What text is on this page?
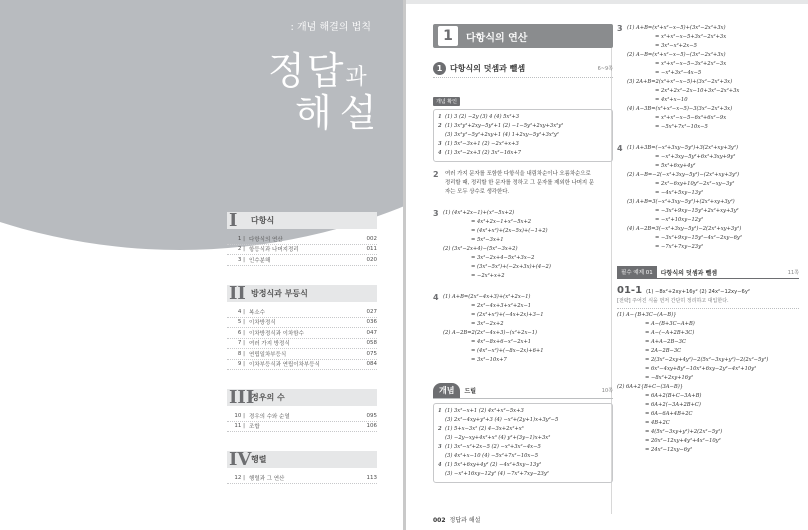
: 개념 해결의 법칙
정답과
해설
I	다항식
1 | 다항식의 연산	002
2 | 항등식과 나머지정리	011
3 | 인수분해	020
II 방정식과 부등식
4 | 복소수	027
5 | 이차방정식	036
6 | 이차방정식과 이차함수	047
7 | 여러 가지 방정식	058
8 | 연립일차부등식	075
9 | 이차부등식과 연립이차부등식	084
III
경우의 수
10 | 경우의 수와 순열	095
11 | 조합	106
IV 행렬
12 | 행렬과 그 연산	113
1	다항식의 연산
1 다항식의 덧셈과 뺄셈	6~9쪽
개념 확인
1 (1) 3 (2) −2y (3) 4 (4) 5x²+3
2 (1) 3x²y²+2xy−5y²+1 (2) −1−5y²+2xy+3x²y²
(3) 3x²y²−5y²+2xy+1 (4) 1+2xy−5y²+3x²y²
3 (1) 5x²−3x+1 (2) −2x²+x+3
4 (1) 3x²−2x+3 (2) 3x²−16x+7
2	여러 가지 문자를 포함한 다항식을 내림차순이나 오름차순으로
정리할 때, 정리할 한 문자를 정하고 그 문자를 제외한 나머지 문
자는 모두 상수로 생각한다.
3 (1) (4x²+2x−1)+(x²−5x+2)
= 4x²+2x−1+x²−5x+2
= (4x²+x²)+(2x−5x)+(−1+2)
= 5x²−3x+1
(2) (3x²−2x+4)−(5x²−3x+2)
= 3x²−2x+4−5x²+3x−2
= (3x²−5x²)+(−2x+3x)+(4−2)
= −2x²+x+2
4 (1) A+B=(2x²−4x+3)+(x²+2x−1)
= 2x²−4x+3+x²+2x−1
= (2x²+x²)+(−4x+2x)+3−1
= 3x²−2x+2
(2) A−2B=2(2x²−4x+3)−(x²+2x−1)
= 4x²−8x+6−x²−2x+1
= (4x²−x²)+(−8x−2x)+6+1
= 3x²−10x+7
개념	드릴	10쪽
1 (1) 3x²−x+1 (2) 4x²+x²−5x+3
(3) 2x²−4xy+y²+3 (4) −x²+(2y+1)x+3y²−5
2 (1) 5+x−3x² (2) 4−3x+2x²+x³
(3) −2y−xy+4x²+x³ (4) y²+(3y−1)x+3x²
3 (1) 3x²−x²+2x−5 (2) −x³+3x²−4x−5
(3) 4x²+x−10 (4) −5x²+7x²−10x−5
4 (1) 5x²+6xy+4y² (2) −4x²+5xy−13y²
(3) −x²+16xy−12y² (4) −7x²+7xy−23y²
3 (1) A+B=(x³+x²−x−5)+(3x²−2x²+3x)
= x³+x²−x−5+3x²−2x²+3x
= 3x³−x²+2x−5
(2) A−B=(x³+x²−x−5)−(3x²−2x²+3x)
= x³+x²−x−5−3x²+2x²−3x
= −x³+3x²−4x−5
(3) 2A+B=2(x³+x²−x−5)+(3x²−2x²+3x)
= 2x³+2x²−2x−10+3x²−2x²+3x
= 4x²+x−10
(4) A−3B=(x³+x²−x−5)−3(3x²−2x²+3x)
= x³+x²−x−5−6x³+6x²−9x
= −5x³+7x²−10x−5
4 (1) A+3B=(−x²+3xy−5y²)+3(2x²+xy+3y²)
= −x²+3xy−5y²+6x²+3xy+9y²
= 5x²+6xy+4y²
(2) A−B=−2(−x²+3xy−5y²)−(2x²+xy+3y²)
= 2x²−6xy+10y²−2x²−xy−3y²
= −4x²+5xy−13y²
(3) A+B=3(−x²+3xy−5y²)+(2x²+xy+3y²)
= −3x²+9xy−15y²+2x²+xy+3y²
= −x²+10xy−12y²
(4) A−2B=3(−x²+3xy−5y²)−2(2x²+xy+3y²)
= −3x²+9xy−15y²−4x²−2xy−6y²
= −7x²+7xy−23y²
필수 예제 01	다항식의 덧셈과 뺄셈	11쪽
01-1 (1) −8x²+2xy+16y² (2) 24x²−12xy−6y²
[전략] 주어진 식을 먼저 간단히 정리하고 대입한다.
(1) A−{B+3C−(A−B)}
= A−(B+3C−A+B)
= A−(−A+2B+3C)
= A+A−2B−3C
= 2A−2B−3C
= 2(3x²−2xy+4y²)−2(5x²−3xy+y²)−2(2x²−5y²)
= 6x²−4xy+8y²−10x²+6xy−2y²−4x²+10y²
= −8x²+2xy+16y²
(2) 6A+2{B+C−(3A−B)}
= 6A+2(B+C−3A+B)
= 6A+2(−3A+2B+C)
= 6A−6A+4B+2C
= 4B+2C
= 4(5x²−3xy+y²)+2(2x²−5y²)
= 20x²−12xy+4y²+4x²−10y²
= 24x²−12xy−6y²
002 정답과 해설
